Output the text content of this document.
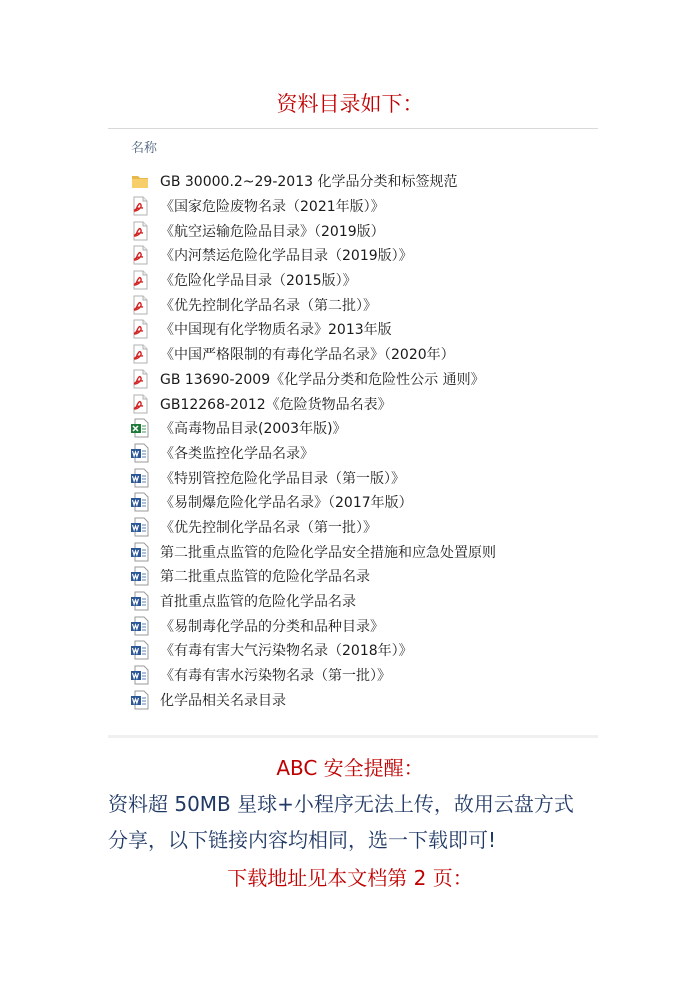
资料目录如下：
名称
GB 30000.2~29-2013 化学品分类和标签规范
《国家危险废物名录（2021年版）》
《航空运输危险品目录》（2019版）
《内河禁运危险化学品目录（2019版）》
《危险化学品目录（2015版）》
《优先控制化学品名录（第二批）》
《中国现有化学物质名录》2013年版
《中国严格限制的有毒化学品名录》（2020年）
GB 13690-2009《化学品分类和危险性公示 通则》
GB12268-2012《危险货物品名表》
《高毒物品目录(2003年版)》
《各类监控化学品名录》
《特别管控危险化学品目录（第一版）》
《易制爆危险化学品名录》（2017年版）
《优先控制化学品名录（第一批）》
第二批重点监管的危险化学品安全措施和应急处置原则
第二批重点监管的危险化学品名录
首批重点监管的危险化学品名录
《易制毒化学品的分类和品种目录》
《有毒有害大气污染物名录（2018年）》
《有毒有害水污染物名录（第一批）》
化学品相关名录目录
ABC 安全提醒：
资料超 50MB 星球+小程序无法上传，故用云盘方式
分享，以下链接内容均相同，选一下载即可!
下载地址见本文档第 2 页：
